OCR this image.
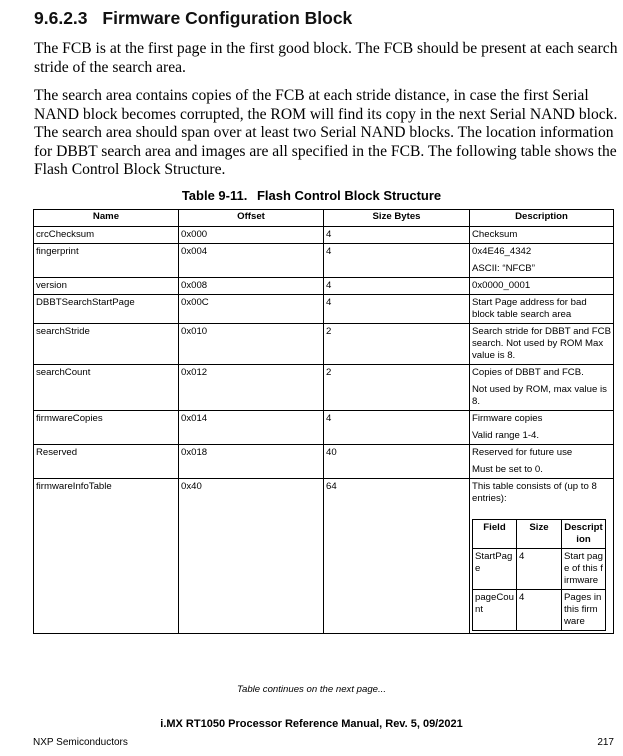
9.6.2.3 Firmware Configuration Block
The FCB is at the first page in the first good block. The FCB should be present at each search stride of the search area.
The search area contains copies of the FCB at each stride distance, in case the first Serial NAND block becomes corrupted, the ROM will find its copy in the next Serial NAND block. The search area should span over at least two Serial NAND blocks. The location information for DBBT search area and images are all specified in the FCB. The following table shows the Flash Control Block Structure.
Table 9-11. Flash Control Block Structure
Name	Offset	Size Bytes	Description
crcChecksum	0x000	4	Checksum

fingerprint	0x004	4	0x4E46_4342

ASCII: “NFCB”

version	0x008	4	0x0000_0001

DBBTSearchStartPage	0x00C	4	Start Page address for bad block table search area

searchStride	0x010	2	Search stride for DBBT and FCB search. Not used by ROM Max value is 8.

searchCount	0x012	2	Copies of DBBT and FCB.

Not used by ROM, max value is 8.

firmwareCopies	0x014	4	Firmware copies

Valid range 1-4.

Reserved	0x018	40	Reserved for future use

Must be set to 0.

firmwareInfoTable	0x40	64	This table consists of (up to 8 entries):

Field	Size	Description
StartPage	4	Start page of this firmware
pageCount	4	Pages in this firmware
Table continues on the next page...
i.MX RT1050 Processor Reference Manual, Rev. 5, 09/2021
NXP Semiconductors	217
